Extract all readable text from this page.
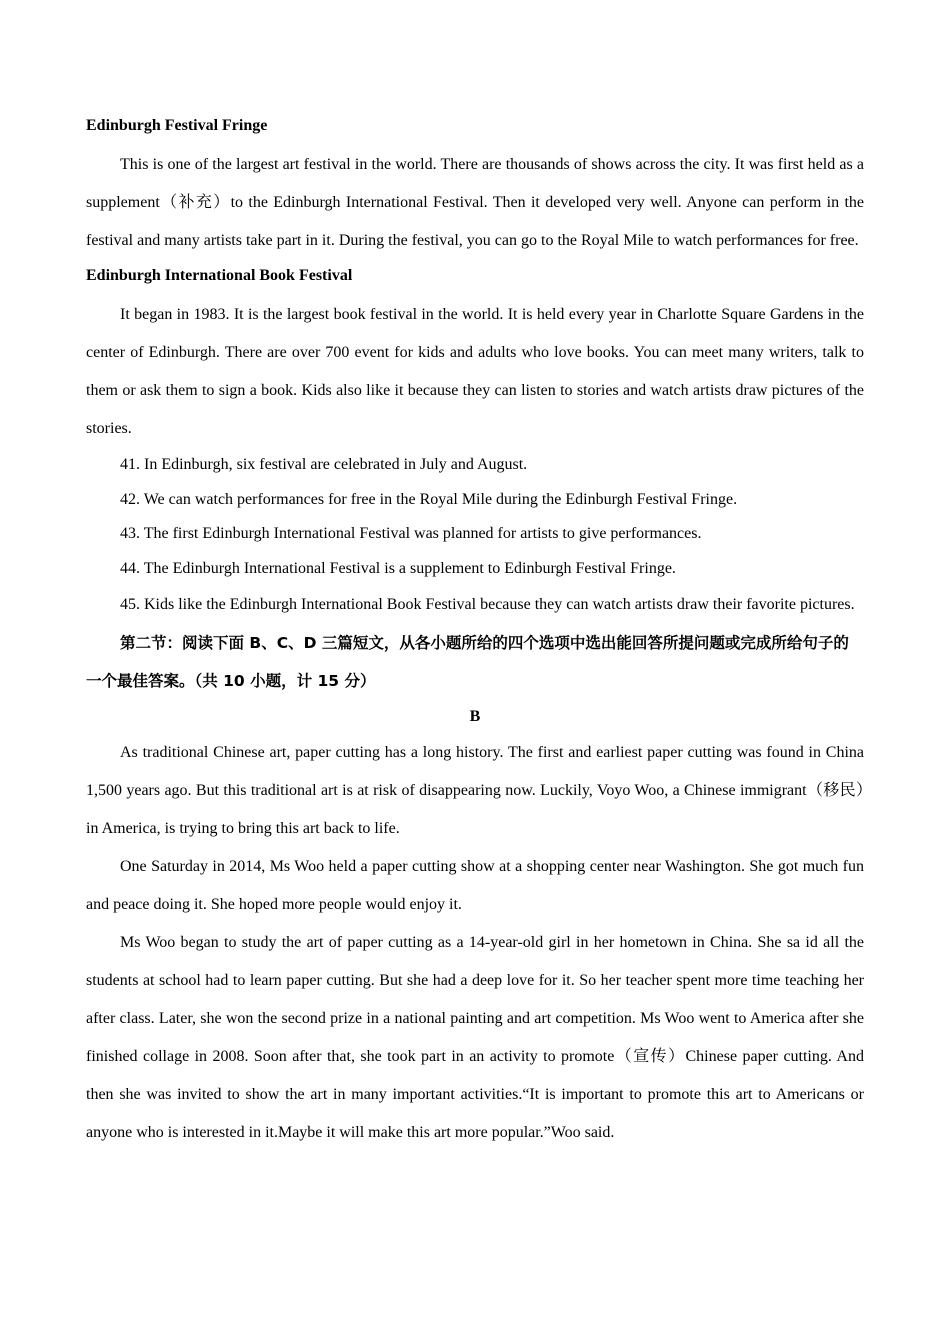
Edinburgh Festival Fringe

This is one of the largest art festival in the world. There are thousands of shows across the city. It was first held as a supplement（补充）to the Edinburgh International Festival. Then it developed very well. Anyone can perform in the festival and many artists take part in it. During the festival, you can go to the Royal Mile to watch performances for free.

Edinburgh International Book Festival

It began in 1983. It is the largest book festival in the world. It is held every year in Charlotte Square Gardens in the center of Edinburgh. There are over 700 event for kids and adults who love books. You can meet many writers, talk to them or ask them to sign a book. Kids also like it because they can listen to stories and watch artists draw pictures of the stories.

41. In Edinburgh, six festival are celebrated in July and August.

42. We can watch performances for free in the Royal Mile during the Edinburgh Festival Fringe.

43. The first Edinburgh International Festival was planned for artists to give performances.

44. The Edinburgh International Festival is a supplement to Edinburgh Festival Fringe.

45. Kids like the Edinburgh International Book Festival because they can watch artists draw their favorite pictures.

第二节：阅读下面 B、C、D 三篇短文，从各小题所给的四个选项中选出能回答所提问题或完成所给句子的一个最佳答案。（共 10 小题，计 15 分）

B

As traditional Chinese art, paper cutting has a long history. The first and earliest paper cutting was found in China 1,500 years ago. But this traditional art is at risk of disappearing now. Luckily, Voyo Woo, a Chinese immigrant（移民）in America, is trying to bring this art back to life.

One Saturday in 2014, Ms Woo held a paper cutting show at a shopping center near Washington. She got much fun and peace doing it. She hoped more people would enjoy it.

Ms Woo began to study the art of paper cutting as a 14-year-old girl in her hometown in China. She sa id all the students at school had to learn paper cutting. But she had a deep love for it. So her teacher spent more time teaching her after class. Later, she won the second prize in a national painting and art competition. Ms Woo went to America after she finished collage in 2008. Soon after that, she took part in an activity to promote（宣传）Chinese paper cutting. And then she was invited to show the art in many important activities.“It is important to promote this art to Americans or anyone who is interested in it.Maybe it will make this art more popular.”Woo said.
